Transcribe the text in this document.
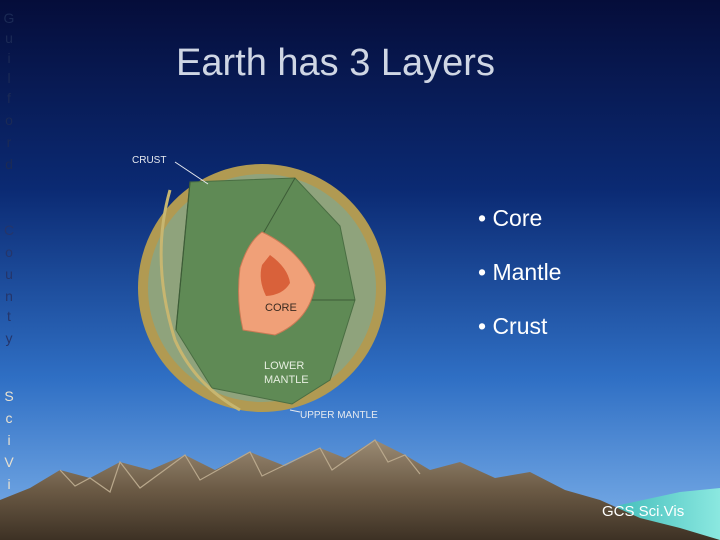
G
u
i
l
f
o
r
d
C
o
u
n
t
y
S
c
i
V
i
CRUST
CORE
LOWER
MANTLE
UPPER MANTLE
Earth has 3 Layers
• Core
• Mantle
• Crust
GCS Sci.Vis
